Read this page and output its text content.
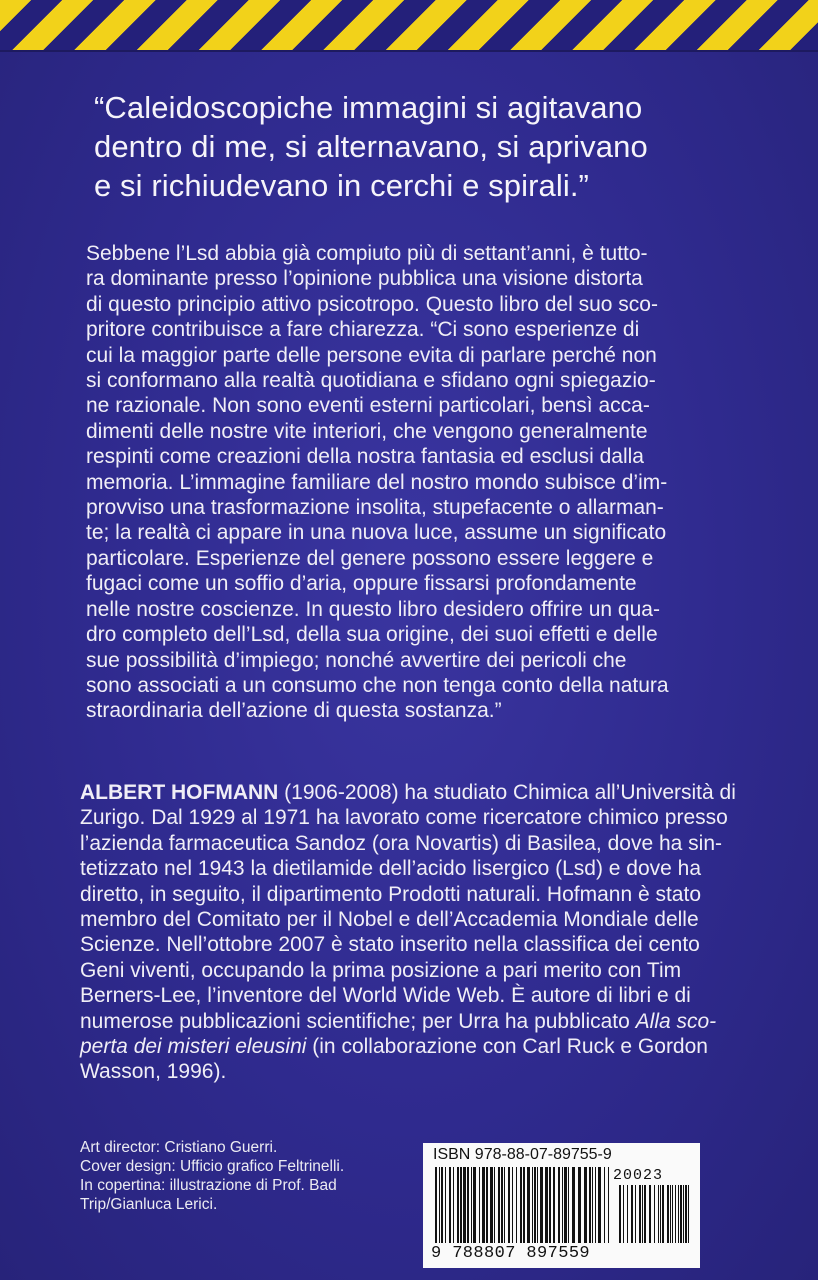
“Caleidoscopiche immagini si agitavano
dentro di me, si alternavano, si aprivano
e si richiudevano in cerchi e spirali.”
Sebbene l’Lsd abbia già compiuto più di settant’anni, è tutto-
ra dominante presso l’opinione pubblica una visione distorta
di questo principio attivo psicotropo. Questo libro del suo sco-
pritore contribuisce a fare chiarezza. “Ci sono esperienze di
cui la maggior parte delle persone evita di parlare perché non
si conformano alla realtà quotidiana e sfidano ogni spiegazio-
ne razionale. Non sono eventi esterni particolari, bensì acca-
dimenti delle nostre vite interiori, che vengono generalmente
respinti come creazioni della nostra fantasia ed esclusi dalla
memoria. L’immagine familiare del nostro mondo subisce d’im-
provviso una trasformazione insolita, stupefacente o allarman-
te; la realtà ci appare in una nuova luce, assume un significato
particolare. Esperienze del genere possono essere leggere e
fugaci come un soffio d’aria, oppure fissarsi profondamente
nelle nostre coscienze. In questo libro desidero offrire un qua-
dro completo dell’Lsd, della sua origine, dei suoi effetti e delle
sue possibilità d’impiego; nonché avvertire dei pericoli che
sono associati a un consumo che non tenga conto della natura
straordinaria dell’azione di questa sostanza.”
ALBERT HOFMANN (1906-2008) ha studiato Chimica all’Università di
Zurigo. Dal 1929 al 1971 ha lavorato come ricercatore chimico presso
l’azienda farmaceutica Sandoz (ora Novartis) di Basilea, dove ha sin-
tetizzato nel 1943 la dietilamide dell’acido lisergico (Lsd) e dove ha
diretto, in seguito, il dipartimento Prodotti naturali. Hofmann è stato
membro del Comitato per il Nobel e dell’Accademia Mondiale delle
Scienze. Nell’ottobre 2007 è stato inserito nella classifica dei cento
Geni viventi, occupando la prima posizione a pari merito con Tim
Berners-Lee, l’inventore del World Wide Web. È autore di libri e di
numerose pubblicazioni scientifiche; per Urra ha pubblicato Alla sco-
perta dei misteri eleusini (in collaborazione con Carl Ruck e Gordon
Wasson, 1996).
Art director: Cristiano Guerri.
Cover design: Ufficio grafico Feltrinelli.
In copertina: illustrazione di Prof. Bad
Trip/Gianluca Lerici.
ISBN 978-88-07-89755-9
20023
9 788807 897559
